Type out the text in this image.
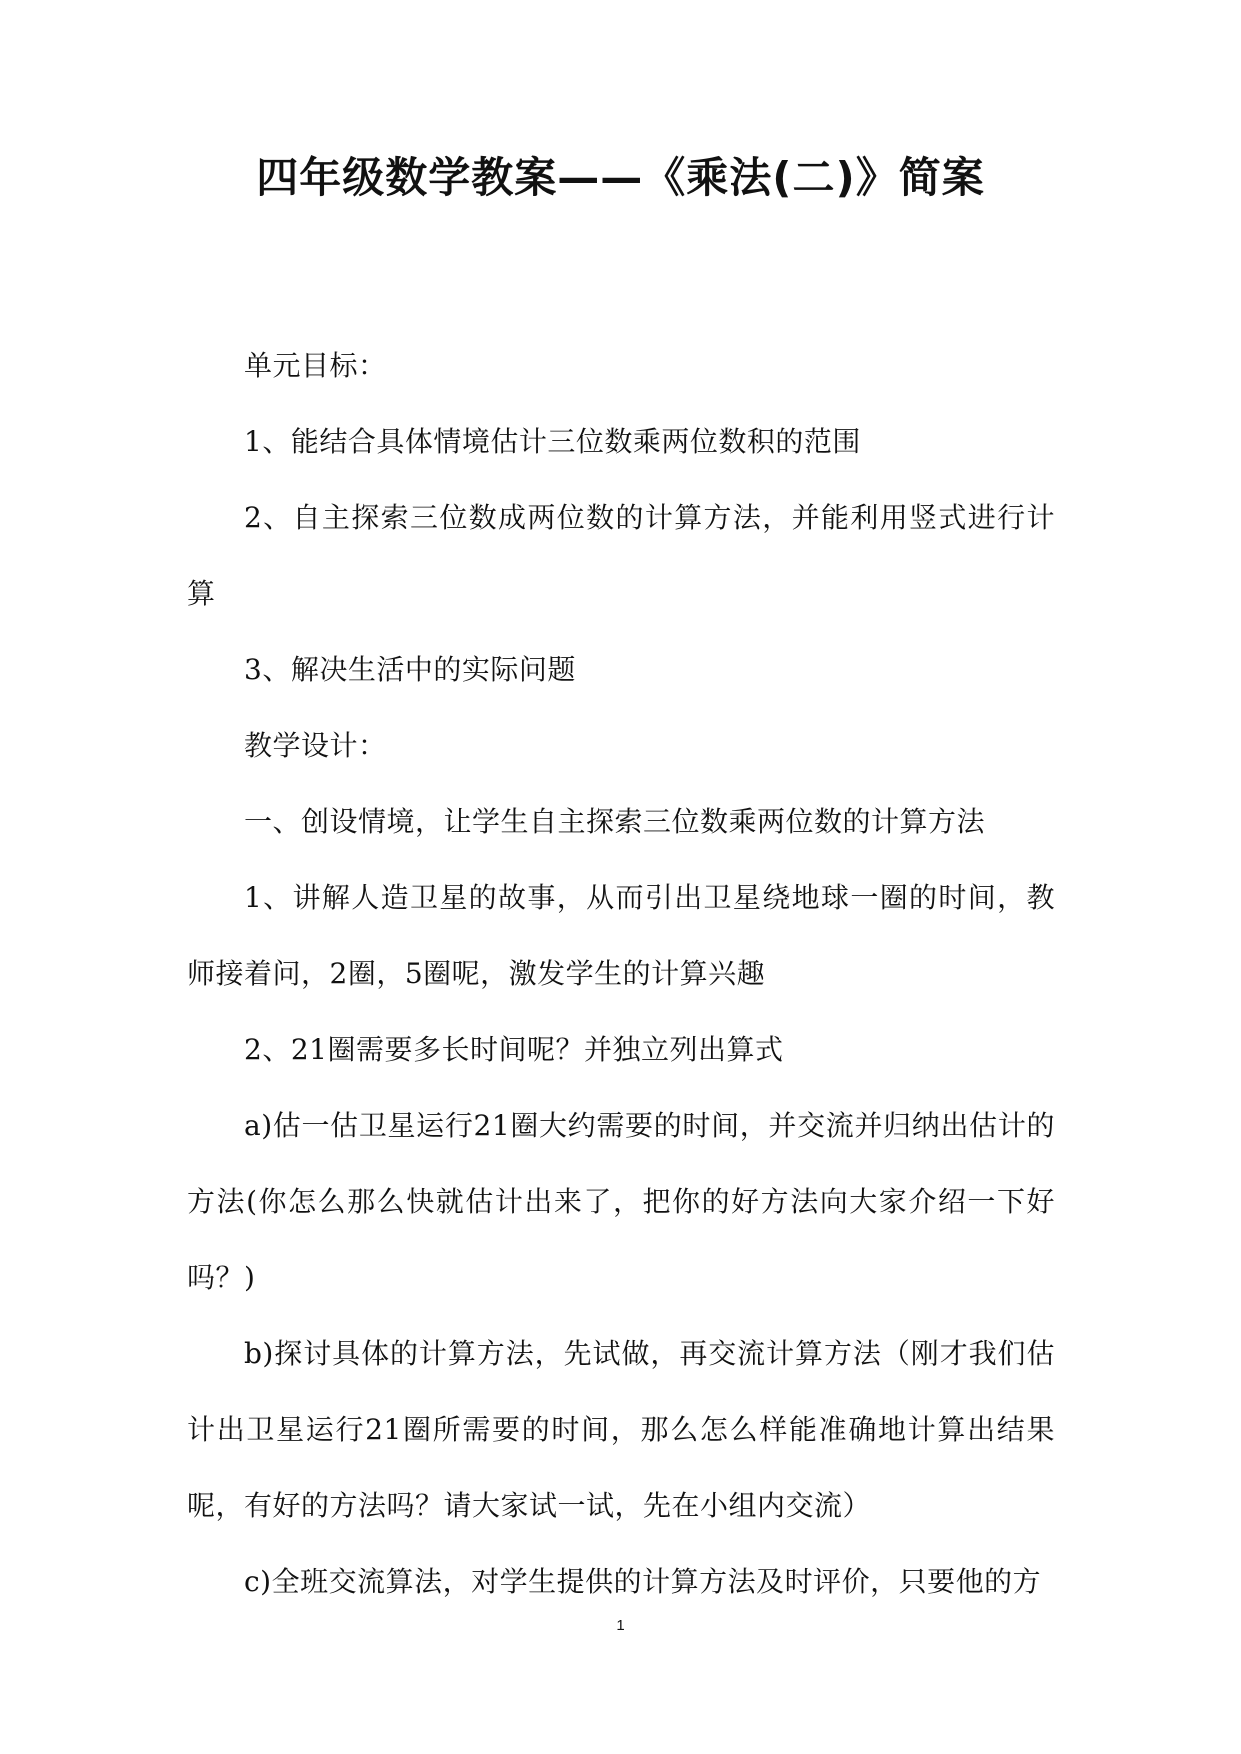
四年级数学教案——《乘法(二)》简案

单元目标：

1、能结合具体情境估计三位数乘两位数积的范围

2、自主探索三位数成两位数的计算方法，并能利用竖式进行计算

3、解决生活中的实际问题

教学设计：

一、创设情境，让学生自主探索三位数乘两位数的计算方法

1、讲解人造卫星的故事，从而引出卫星绕地球一圈的时间，教师接着问，2圈，5圈呢，激发学生的计算兴趣

2、21圈需要多长时间呢？并独立列出算式

a)估一估卫星运行21圈大约需要的时间，并交流并归纳出估计的方法(你怎么那么快就估计出来了，把你的好方法向大家介绍一下好吗？)

b)探讨具体的计算方法，先试做，再交流计算方法（刚才我们估计出卫星运行21圈所需要的时间，那么怎么样能准确地计算出结果呢，有好的方法吗？请大家试一试，先在小组内交流）

c)全班交流算法，对学生提供的计算方法及时评价，只要他的方

1
